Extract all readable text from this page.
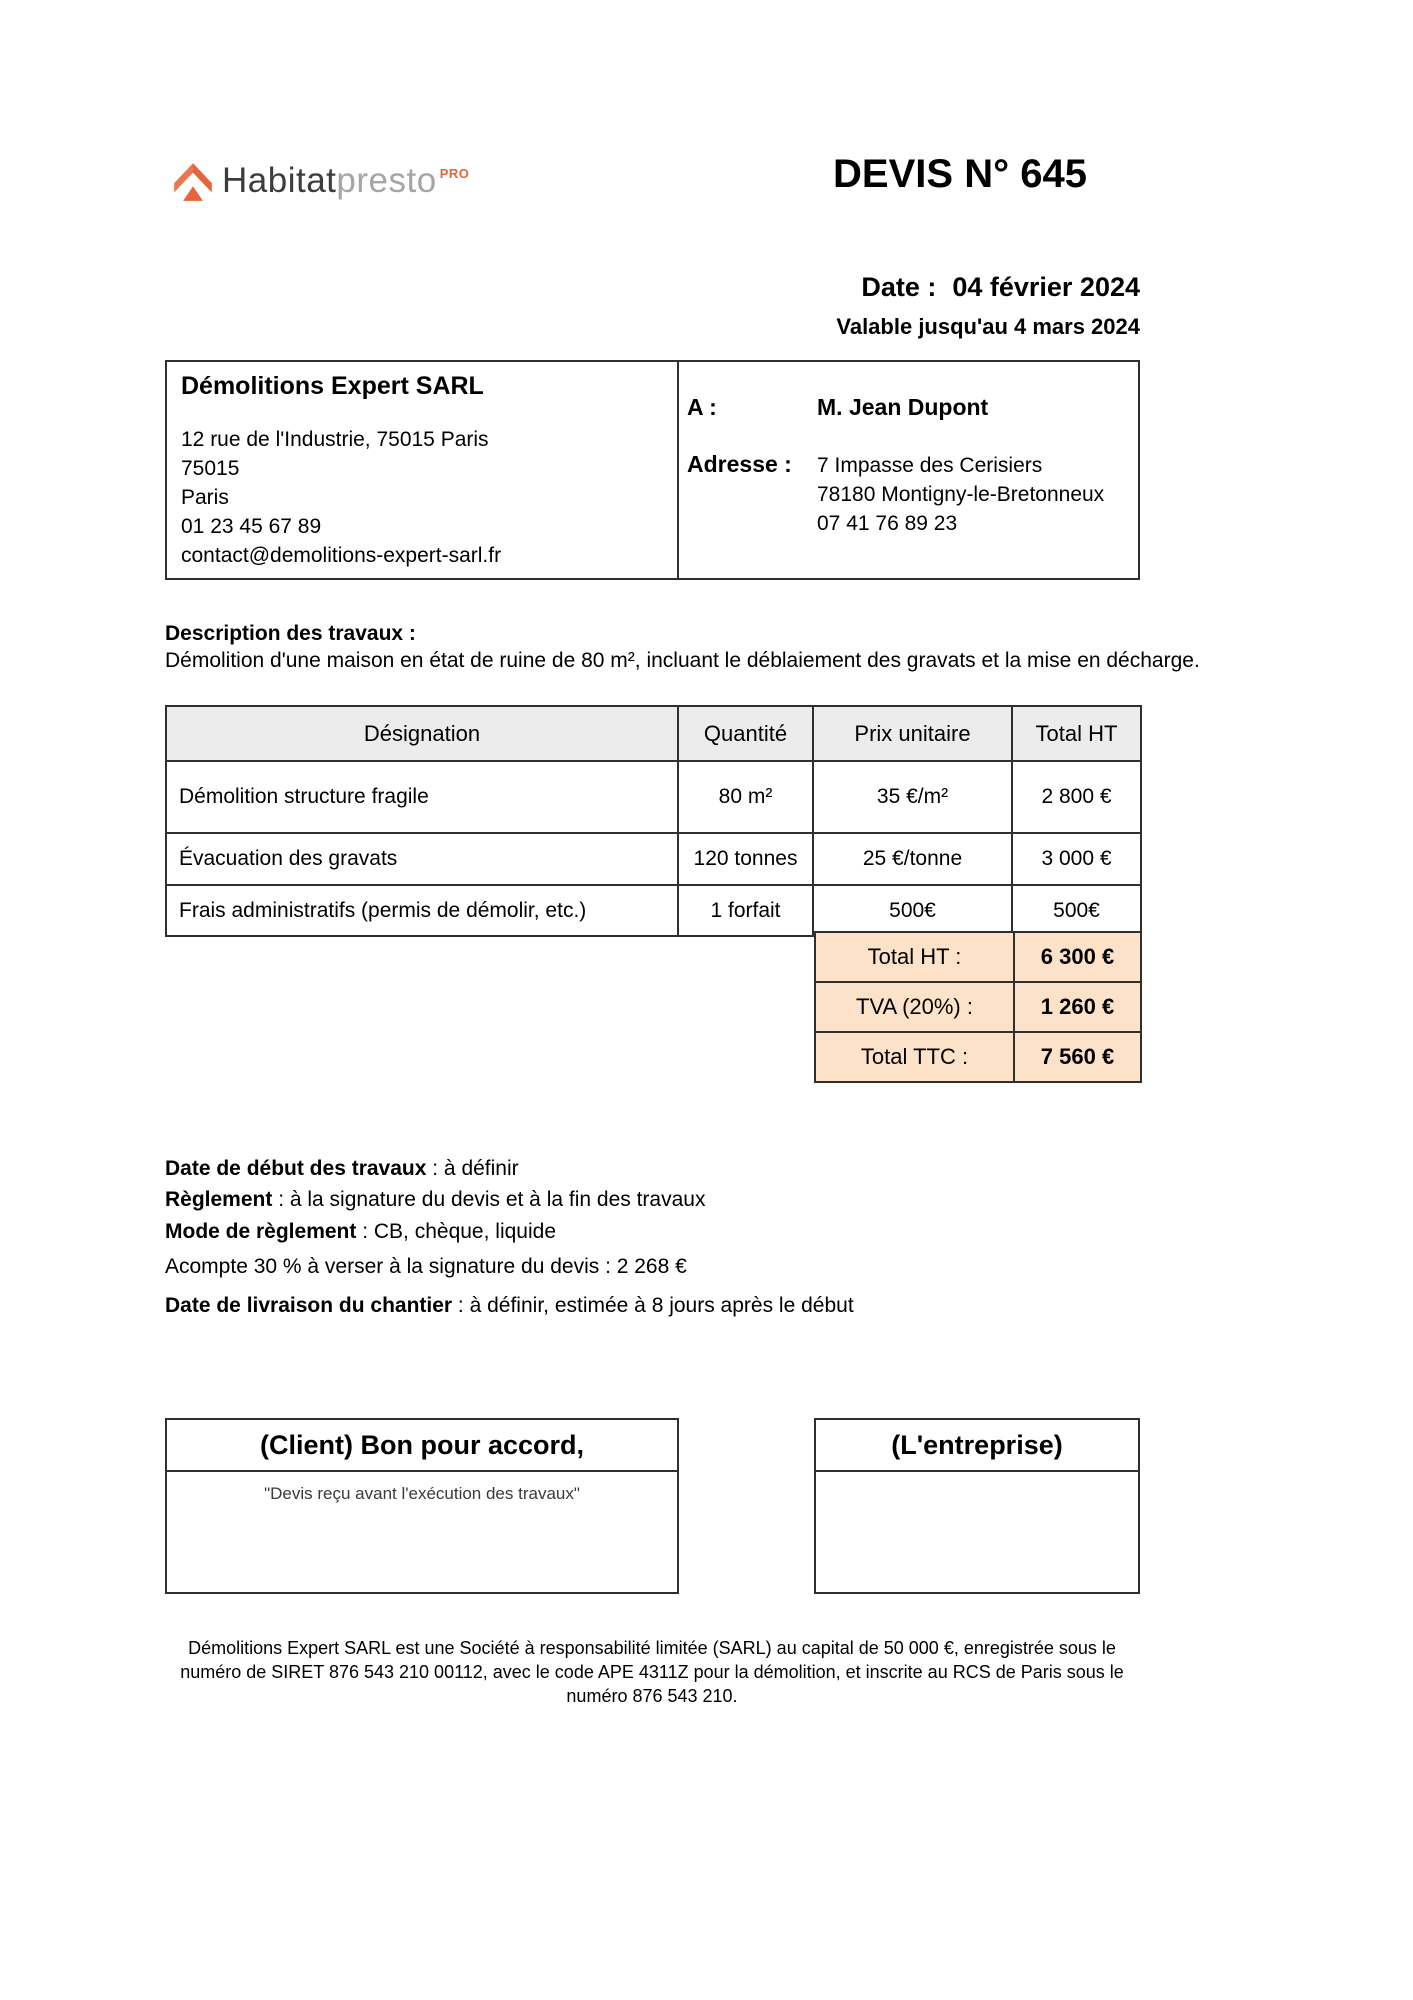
Habitatpresto PRO	DEVIS N° 645
Date : 04 février 2024
Valable jusqu'au 4 mars 2024
Démolitions Expert SARL
12 rue de l'Industrie, 75015 Paris
75015
Paris
01 23 45 67 89
contact@demolitions-expert-sarl.fr
A :	M. Jean Dupont
Adresse :	7 Impasse des Cerisiers
78180 Montigny-le-Bretonneux
07 41 76 89 23
Description des travaux :
Démolition d'une maison en état de ruine de 80 m², incluant le déblaiement des gravats et la mise en décharge.
Désignation	Quantité	Prix unitaire	Total HT
Démolition structure fragile	80 m²	35 €/m²	2 800 €
Évacuation des gravats	120 tonnes	25 €/tonne	3 000 €
Frais administratifs (permis de démolir, etc.)	1 forfait	500€	500€
Total HT :	6 300 €
TVA (20%) :	1 260 €
Total TTC :	7 560 €
Date de début des travaux : à définir
Règlement : à la signature du devis et à la fin des travaux
Mode de règlement : CB, chèque, liquide
Acompte 30 % à verser à la signature du devis : 2 268 €
Date de livraison du chantier : à définir, estimée à 8 jours après le début
(Client) Bon pour accord,
"Devis reçu avant l'exécution des travaux"
(L'entreprise)
Démolitions Expert SARL est une Société à responsabilité limitée (SARL) au capital de 50 000 €, enregistrée sous le
numéro de SIRET 876 543 210 00112, avec le code APE 4311Z pour la démolition, et inscrite au RCS de Paris sous le
numéro 876 543 210.
